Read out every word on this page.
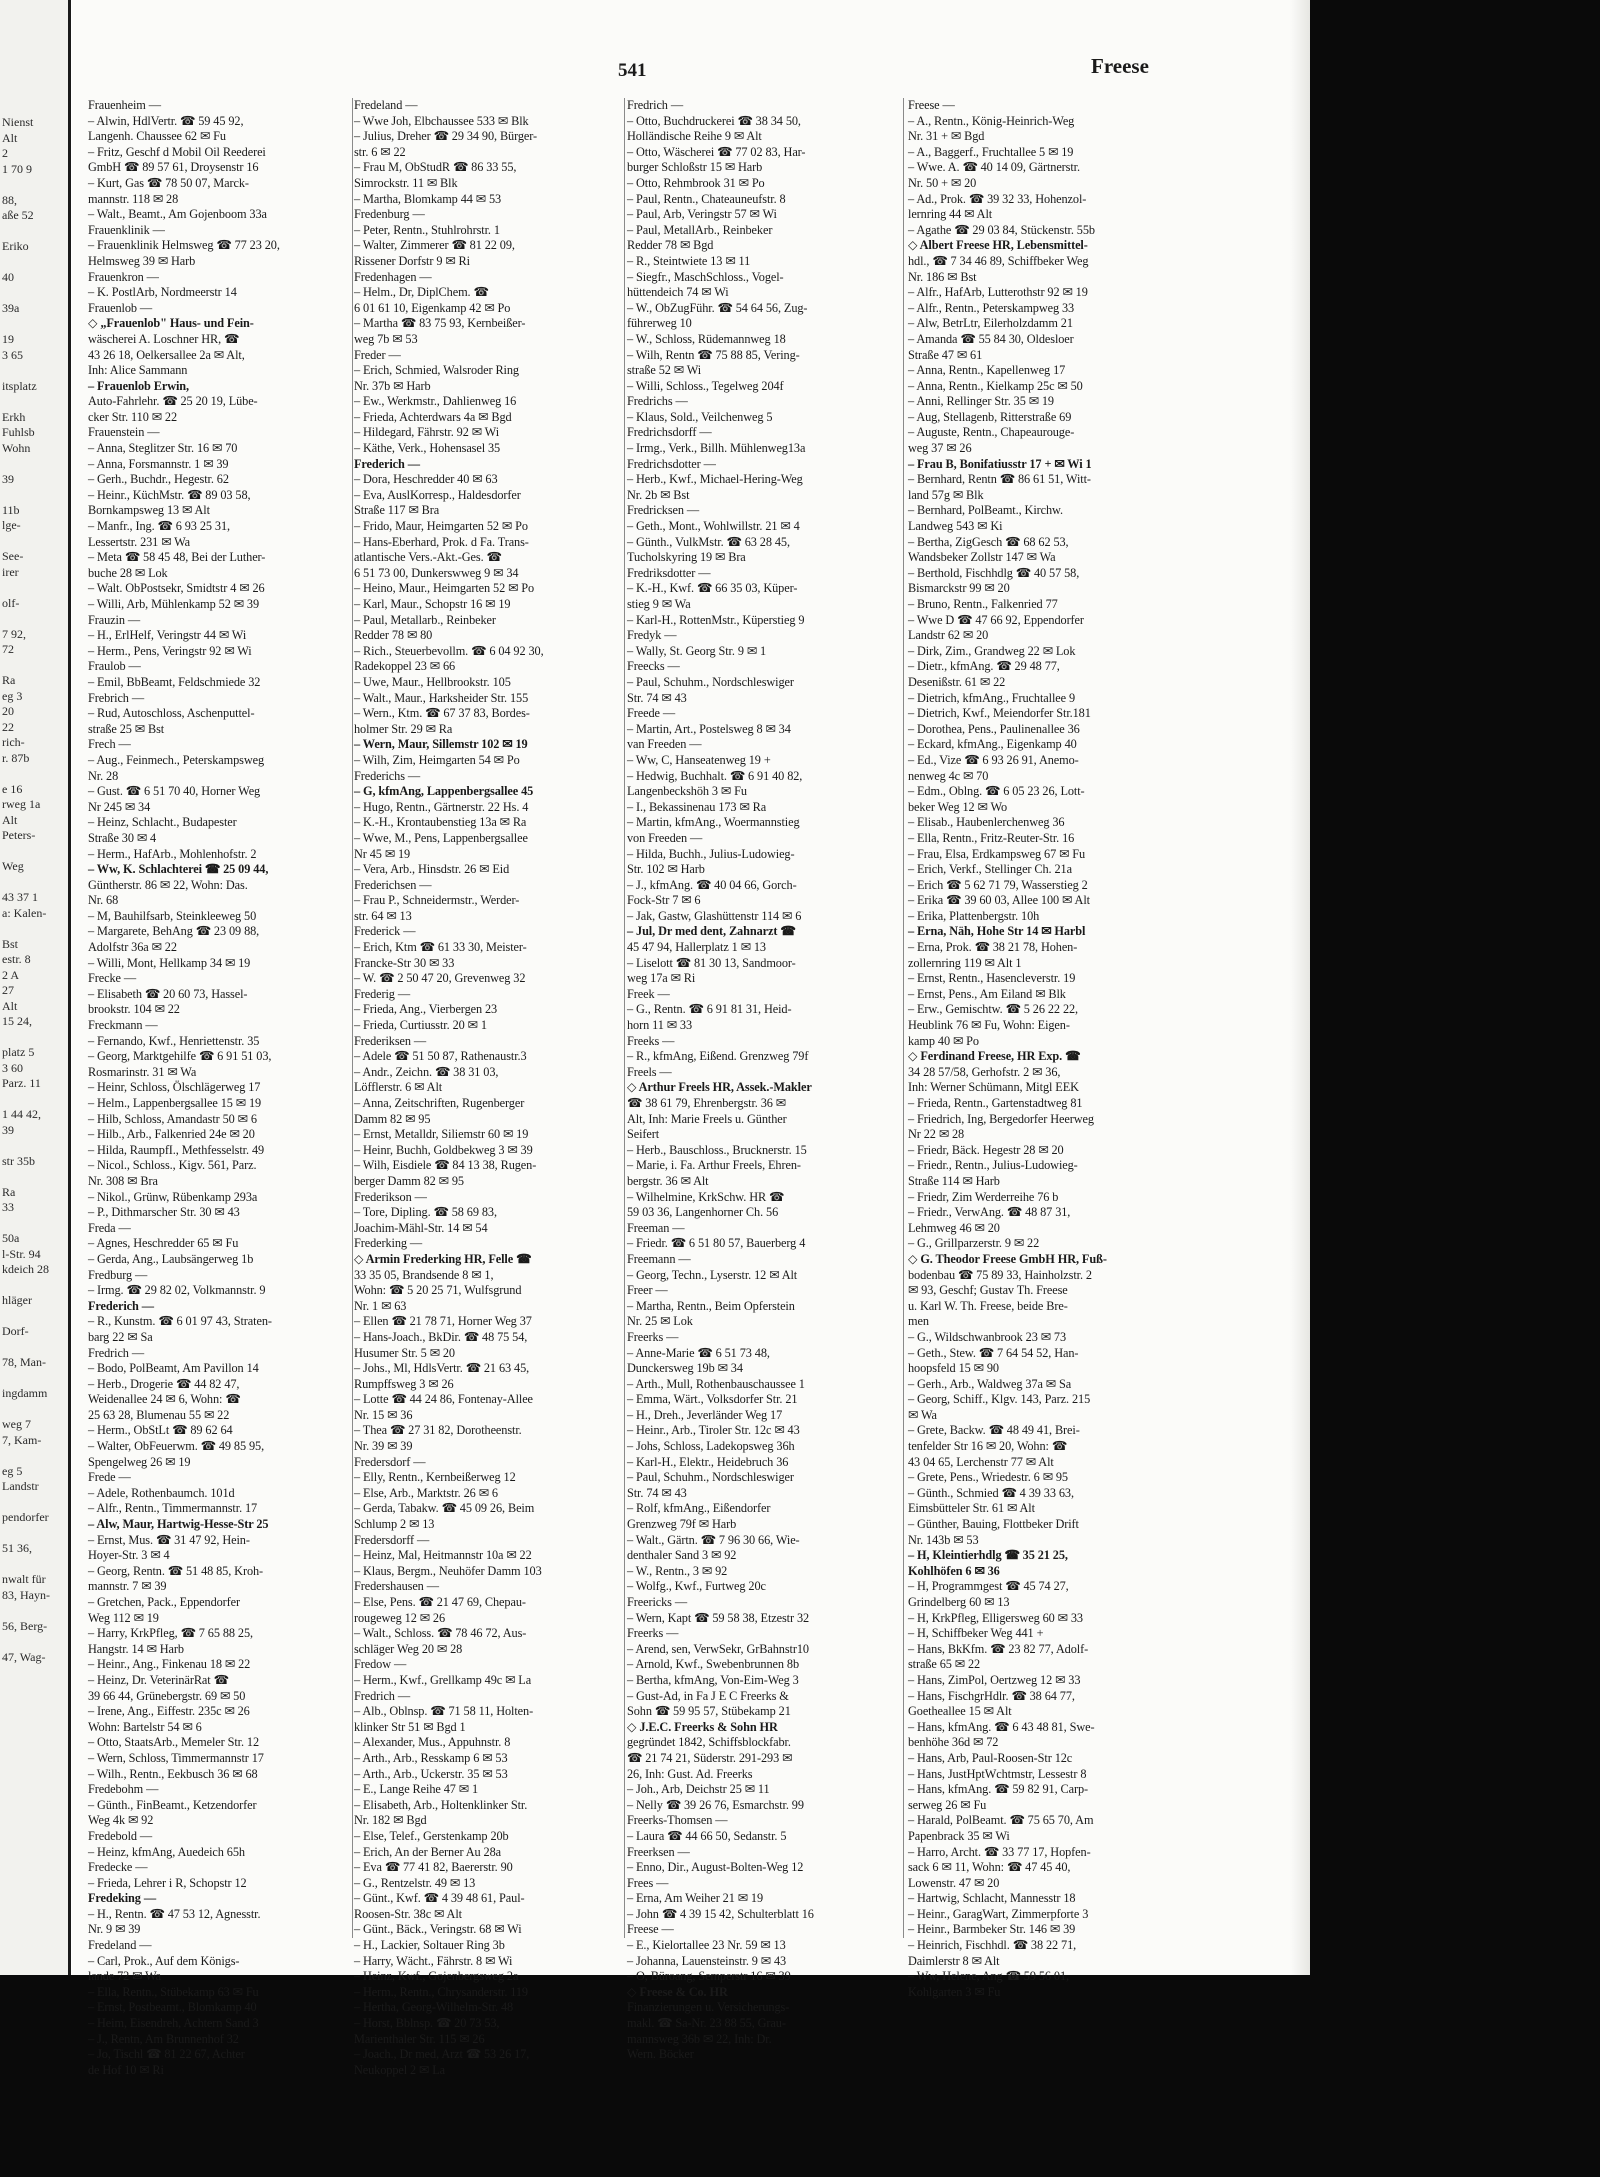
Nienst
Alt
2
1 70 9

88,
aße 52

Eriko

40

39a

19
3 65

itsplatz

Erkh
Fuhlsb
Wohn

39

11b
lge-

See-
irer

olf-

7 92,
72

Ra
eg 3
20
22
rich-
r. 87b

e 16
rweg 1a
Alt
Peters-

Weg

43 37 1
a: Kalen-

Bst
estr. 8
2 A
27
Alt
15 24,

platz 5
3 60
Parz. 11

1 44 42,
39

str 35b

Ra
33

50a
l-Str. 94
kdeich 28

hläger

Dorf-

78, Man-

ingdamm

weg 7
7, Kam-

eg 5
Landstr

pendorfer

51 36,

nwalt für
83, Hayn-

56, Berg-

47, Wag-
541	Freese
Frauenheim —
– Alwin, HdlVertr. ☎ 59 45 92,
Langenh. Chaussee 62 ✉ Fu
– Fritz, Geschf d Mobil Oil Reederei
GmbH ☎ 89 57 61, Droysenstr 16
– Kurt, Gas ☎ 78 50 07, Marck-
mannstr. 118 ✉ 28
– Walt., Beamt., Am Gojenboom 33a
Frauenklinik —
– Frauenklinik Helmsweg ☎ 77 23 20,
Helmsweg 39 ✉ Harb
Frauenkron —
– K. PostlArb, Nordmeerstr 14
Frauenlob —
◇ „Frauenlob" Haus- und Fein-
wäscherei A. Loschner HR, ☎
43 26 18, Oelkersallee 2a ✉ Alt,
Inh: Alice Sammann
– Frauenlob Erwin,
Auto-Fahrlehr. ☎ 25 20 19, Lübe-
cker Str. 110 ✉ 22
Frauenstein —
– Anna, Steglitzer Str. 16 ✉ 70
– Anna, Forsmannstr. 1 ✉ 39
– Gerh., Buchdr., Hegestr. 62
– Heinr., KüchMstr. ☎ 89 03 58,
Bornkampsweg 13 ✉ Alt
– Manfr., Ing. ☎ 6 93 25 31,
Lessertstr. 231 ✉ Wa
– Meta ☎ 58 45 48, Bei der Luther-
buche 28 ✉ Lok
– Walt. ObPostsekr, Smidtstr 4 ✉ 26
– Willi, Arb, Mühlenkamp 52 ✉ 39
Frauzin —
– H., ErlHelf, Veringstr 44 ✉ Wi
– Herm., Pens, Veringstr 92 ✉ Wi
Fraulob —
– Emil, BbBeamt, Feldschmiede 32
Frebrich —
– Rud, Autoschloss, Aschenputtel-
straße 25 ✉ Bst
Frech —
– Aug., Feinmech., Peterskampsweg
Nr. 28
– Gust. ☎ 6 51 70 40, Horner Weg
Nr 245 ✉ 34
– Heinz, Schlacht., Budapester
Straße 30 ✉ 4
– Herm., HafArb., Mohlenhofstr. 2
– Ww, K. Schlachterei ☎ 25 09 44,
Güntherstr. 86 ✉ 22, Wohn: Das.
Nr. 68
– M, Bauhilfsarb, Steinkleeweg 50
– Margarete, BehAng ☎ 23 09 88,
Adolfstr 36a ✉ 22
– Willi, Mont, Hellkamp 34 ✉ 19
Frecke —
– Elisabeth ☎ 20 60 73, Hassel-
brookstr. 104 ✉ 22
Freckmann —
– Fernando, Kwf., Henriettenstr. 35
– Georg, Marktgehilfe ☎ 6 91 51 03,
Rosmarinstr. 31 ✉ Wa
– Heinr, Schloss, Ölschlägerweg 17
– Helm., Lappenbergsallee 15 ✉ 19
– Hilb, Schloss, Amandastr 50 ✉ 6
– Hilb., Arb., Falkenried 24e ✉ 20
– Hilda, RaumpfI., Methfesselstr. 49
– Nicol., Schloss., Kigv. 561, Parz.
Nr. 308 ✉ Bra
– Nikol., Grünw, Rübenkamp 293a
– P., Dithmarscher Str. 30 ✉ 43
Freda —
– Agnes, Heschredder 65 ✉ Fu
– Gerda, Ang., Laubsängerweg 1b
Fredburg —
– Irmg. ☎ 29 82 02, Volkmannstr. 9
Frederich —
– R., Kunstm. ☎ 6 01 97 43, Straten-
barg 22 ✉ Sa
Fredrich —
– Bodo, PolBeamt, Am Pavillon 14
– Herb., Drogerie ☎ 44 82 47,
Weidenallee 24 ✉ 6, Wohn: ☎
25 63 28, Blumenau 55 ✉ 22
– Herm., ObStLt ☎ 89 62 64
– Walter, ObFeuerwm. ☎ 49 85 95,
Spengelweg 26 ✉ 19
Frede —
– Adele, Rothenbaumch. 101d
– Alfr., Rentn., Timmermannstr. 17
– Alw, Maur, Hartwig-Hesse-Str 25
– Ernst, Mus. ☎ 31 47 92, Hein-
Hoyer-Str. 3 ✉ 4
– Georg, Rentn. ☎ 51 48 85, Kroh-
mannstr. 7 ✉ 39
– Gretchen, Pack., Eppendorfer
Weg 112 ✉ 19
– Harry, KrkPfleg, ☎ 7 65 88 25,
Hangstr. 14 ✉ Harb
– Heinr., Ang., Finkenau 18 ✉ 22
– Heinz, Dr. VeterinärRat ☎
39 66 44, Grünebergstr. 69 ✉ 50
– Irene, Ang., Eiffestr. 235c ✉ 26
Wohn: Bartelstr 54 ✉ 6
– Otto, StaatsArb., Memeler Str. 12
– Wern, Schloss, Timmermannstr 17
– Wilh., Rentn., Eekbusch 36 ✉ 68
Fredebohm —
– Günth., FinBeamt., Ketzendorfer
Weg 4k ✉ 92
Fredebold —
– Heinz, kfmAng, Auedeich 65h
Fredecke —
– Frieda, Lehrer i R, Schopstr 12
Fredeking —
– H., Rentn. ☎ 47 53 12, Agnesstr.
Nr. 9 ✉ 39
Fredeland —
– Carl, Prok., Auf dem Königs-
lande 72 ✉ Wa
– Ella, Rentn., Stübekamp 63 ✉ Fu
– Ernst, Postbeamt., Blomkamp 40
– Heim, Eisendreh, Achtern Sand 3
– J., Rentn, Am Brunnenhof 32
– Jo, Tischl ☎ 81 22 67, Achter
de Hof 10 ✉ Ri
Fredeland —
– Wwe Joh, Elbchaussee 533 ✉ Blk
– Julius, Dreher ☎ 29 34 90, Bürger-
str. 6 ✉ 22
– Frau M, ObStudR ☎ 86 33 55,
Simrockstr. 11 ✉ Blk
– Martha, Blomkamp 44 ✉ 53
Fredenburg —
– Peter, Rentn., Stuhlrohrstr. 1
– Walter, Zimmerer ☎ 81 22 09,
Rissener Dorfstr 9 ✉ Ri
Fredenhagen —
– Helm., Dr, DiplChem. ☎
6 01 61 10, Eigenkamp 42 ✉ Po
– Martha ☎ 83 75 93, Kernbeißer-
weg 7b ✉ 53
Freder —
– Erich, Schmied, Walsroder Ring
Nr. 37b ✉ Harb
– Ew., Werkmstr., Dahlienweg 16
– Frieda, Achterdwars 4a ✉ Bgd
– Hildegard, Fährstr. 92 ✉ Wi
– Käthe, Verk., Hohensasel 35
Frederich —
– Dora, Heschredder 40 ✉ 63
– Eva, AuslKorresp., Haldesdorfer
Straße 117 ✉ Bra
– Frido, Maur, Heimgarten 52 ✉ Po
– Hans-Eberhard, Prok. d Fa. Trans-
atlantische Vers.-Akt.-Ges. ☎
6 51 73 00, Dunkerswweg 9 ✉ 34
– Heino, Maur., Heimgarten 52 ✉ Po
– Karl, Maur., Schopstr 16 ✉ 19
– Paul, Metallarb., Reinbeker
Redder 78 ✉ 80
– Rich., Steuerbevollm. ☎ 6 04 92 30,
Radekoppel 23 ✉ 66
– Uwe, Maur., Hellbrookstr. 105
– Walt., Maur., Harksheider Str. 155
– Wern., Ktm. ☎ 67 37 83, Bordes-
holmer Str. 29 ✉ Ra
– Wern, Maur, Sillemstr 102 ✉ 19
– Wilh, Zim, Heimgarten 54 ✉ Po
Frederichs —
– G, kfmAng, Lappenbergsallee 45
– Hugo, Rentn., Gärtnerstr. 22 Hs. 4
– K.-H., Krontaubenstieg 13a ✉ Ra
– Wwe, M., Pens, Lappenbergsallee
Nr 45 ✉ 19
– Vera, Arb., Hinsdstr. 26 ✉ Eid
Frederichsen —
– Frau P., Schneidermstr., Werder-
str. 64 ✉ 13
Frederick —
– Erich, Ktm ☎ 61 33 30, Meister-
Francke-Str 30 ✉ 33
– W. ☎ 2 50 47 20, Grevenweg 32
Frederig —
– Frieda, Ang., Vierbergen 23
– Frieda, Curtiusstr. 20 ✉ 1
Frederiksen —
– Adele ☎ 51 50 87, Rathenaustr.3
– Andr., Zeichn. ☎ 38 31 03,
Löfflerstr. 6 ✉ Alt
– Anna, Zeitschriften, Rugenberger
Damm 82 ✉ 95
– Ernst, Metalldr, Siliemstr 60 ✉ 19
– Heinr, Buchh, Goldbekweg 3 ✉ 39
– Wilh, Eisdiele ☎ 84 13 38, Rugen-
berger Damm 82 ✉ 95
Frederikson —
– Tore, Dipling. ☎ 58 69 83,
Joachim-Mähl-Str. 14 ✉ 54
Frederking —
◇ Armin Frederking HR, Felle ☎
33 35 05, Brandsende 8 ✉ 1,
Wohn: ☎ 5 20 25 71, Wulfsgrund
Nr. 1 ✉ 63
– Ellen ☎ 21 78 71, Horner Weg 37
– Hans-Joach., BkDir. ☎ 48 75 54,
Husumer Str. 5 ✉ 20
– Johs., Ml, HdlsVertr. ☎ 21 63 45,
Rumpffsweg 3 ✉ 26
– Lotte ☎ 44 24 86, Fontenay-Allee
Nr. 15 ✉ 36
– Thea ☎ 27 31 82, Dorotheenstr.
Nr. 39 ✉ 39
Fredersdorf —
– Elly, Rentn., Kernbeißerweg 12
– Else, Arb., Marktstr. 26 ✉ 6
– Gerda, Tabakw. ☎ 45 09 26, Beim
Schlump 2 ✉ 13
Fredersdorff —
– Heinz, Mal, Heitmannstr 10a ✉ 22
– Klaus, Bergm., Neuhöfer Damm 103
Fredershausen —
– Else, Pens. ☎ 21 47 69, Chepau-
rougeweg 12 ✉ 26
– Walt., Schloss. ☎ 78 46 72, Aus-
schläger Weg 20 ✉ 28
Fredow —
– Herm., Kwf., Grellkamp 49c ✉ La
Fredrich —
– Alb., Oblnsp. ☎ 71 58 11, Holten-
klinker Str 51 ✉ Bgd 1
– Alexander, Mus., Appuhnstr. 8
– Arth., Arb., Resskamp 6 ✉ 53
– Arth., Arb., Uckerstr. 35 ✉ 53
– E., Lange Reihe 47 ✉ 1
– Elisabeth, Arb., Holtenklinker Str.
Nr. 182 ✉ Bgd
– Else, Telef., Gerstenkamp 20b
– Erich, An der Berner Au 28a
– Eva ☎ 77 41 82, Baererstr. 90
– G., Rentzelstr. 49 ✉ 13
– Günt., Kwf. ☎ 4 39 48 61, Paul-
Roosen-Str. 38c ✉ Alt
– Günt., Bäck., Veringstr. 68 ✉ Wi
– H., Lackier, Soltauer Ring 3b
– Harry, Wächt., Fährstr. 8 ✉ Wi
– Heinz, Kwf., Gojenbergsweg 2a
– Herm., Rentn., Chrysanderstr. 119
– Hertha, Georg-Wilhelm-Str. 48
– Horst, Bblnsp. ☎ 20 73 53,
Marienthaler Str. 115 ✉ 26
– Joach., Dr med, Arzt ☎ 53 26 17,
Neukoppel 2 ✉ La
Fredrich —
– Otto, Buchdruckerei ☎ 38 34 50,
Holländische Reihe 9 ✉ Alt
– Otto, Wäscherei ☎ 77 02 83, Har-
burger Schloßstr 15 ✉ Harb
– Otto, Rehmbrook 31 ✉ Po
– Paul, Rentn., Chateaunеufstr. 8
– Paul, Arb, Veringstr 57 ✉ Wi
– Paul, MetallArb., Reinbeker
Redder 78 ✉ Bgd
– R., Steintwiete 13 ✉ 11
– Siegfr., MaschSchloss., Vogel-
hüttendeich 74 ✉ Wi
– W., ObZugFühr. ☎ 54 64 56, Zug-
führerweg 10
– W., Schloss, Rüdemannweg 18
– Wilh, Rentn ☎ 75 88 85, Vering-
straße 52 ✉ Wi
– Willi, Schloss., Tegelweg 204f
Fredrichs —
– Klaus, Sold., Veilchenweg 5
Fredrichsdorff —
– Irmg., Verk., Billh. Mühlenweg13a
Fredrichsdotter —
– Herb., Kwf., Michael-Hering-Weg
Nr. 2b ✉ Bst
Fredricksen —
– Geth., Mont., Wohlwillstr. 21 ✉ 4
– Günth., VulkMstr. ☎ 63 28 45,
Tucholskyring 19 ✉ Bra
Fredriksdotter —
– K.-H., Kwf. ☎ 66 35 03, Küper-
stieg 9 ✉ Wa
– Karl-H., RottenMstr., Küperstieg 9
Fredyk —
– Wally, St. Georg Str. 9 ✉ 1
Freecks —
– Paul, Schuhm., Nordschleswiger
Str. 74 ✉ 43
Freede —
– Martin, Art., Postelsweg 8 ✉ 34
van Freeden —
– Ww, C, Hanseatenweg 19 +
– Hedwig, Buchhalt. ☎ 6 91 40 82,
Langenbeckshöh 3 ✉ Fu
– I., Bekassinenau 173 ✉ Ra
– Martin, kfmAng., Woermannstieg
von Freeden —
– Hilda, Buchh., Julius-Ludowieg-
Str. 102 ✉ Harb
– J., kfmAng. ☎ 40 04 66, Gorch-
Fock-Str 7 ✉ 6
– Jak, Gastw, Glashüttenstr 114 ✉ 6
– Jul, Dr med dent, Zahnarzt ☎
45 47 94, Hallerplatz 1 ✉ 13
– Liselott ☎ 81 30 13, Sandmoor-
weg 17a ✉ Ri
Freek —
– G., Rentn. ☎ 6 91 81 31, Heid-
horn 11 ✉ 33
Freeks —
– R., kfmAng, Eißend. Grenzweg 79f
Freels —
◇ Arthur Freels HR, Assek.-Makler
☎ 38 61 79, Ehrenbergstr. 36 ✉
Alt, Inh: Marie Freels u. Günther
Seifert
– Herb., Bauschloss., Brucknerstr. 15
– Marie, i. Fa. Arthur Freels, Ehren-
bergstr. 36 ✉ Alt
– Wilhelmine, KrkSchw. HR ☎
59 03 36, Langenhorner Ch. 56
Freeman —
– Friedr. ☎ 6 51 80 57, Bauerberg 4
Freemann —
– Georg, Techn., Lyserstr. 12 ✉ Alt
Freer —
– Martha, Rentn., Beim Opferstein
Nr. 25 ✉ Lok
Freerks —
– Anne-Marie ☎ 6 51 73 48,
Dunckersweg 19b ✉ 34
– Arth., Mull, Rothenbauschaussee 1
– Emma, Wärt., Volksdorfer Str. 21
– H., Dreh., Jeverländer Weg 17
– Heinr., Arb., Tiroler Str. 12c ✉ 43
– Johs, Schloss, Ladekopsweg 36h
– Karl-H., Elektr., Heidebruch 36
– Paul, Schuhm., Nordschleswiger
Str. 74 ✉ 43
– Rolf, kfmAng., Eißendorfer
Grenzweg 79f ✉ Harb
– Walt., Gärtn. ☎ 7 96 30 66, Wie-
denthaler Sand 3 ✉ 92
– W., Rentn., 3 ✉ 92
– Wolfg., Kwf., Furtweg 20c
Freericks —
– Wern, Kapt ☎ 59 58 38, Etzestr 32
Freerks —
– Arend, sen, VerwSekr, GrBahnstr10
– Arnold, Kwf., Swebenbrunnen 8b
– Bertha, kfmAng, Von-Eim-Weg 3
– Gust-Ad, in Fa J E C Freerks &
Sohn ☎ 59 95 57, Stübekamp 21
◇ J.E.C. Freerks & Sohn HR
gegründet 1842, Schiffsblockfabr.
☎ 21 74 21, Süderstr. 291-293 ✉
26, Inh: Gust. Ad. Freerks
– Joh., Arb, Deichstr 25 ✉ 11
– Nelly ☎ 39 26 76, Esmarchstr. 99
Freerks-Thomsen —
– Laura ☎ 44 66 50, Sedanstr. 5
Freerksen —
– Enno, Dir., August-Bolten-Weg 12
Frees —
– Erna, Am Weiher 21 ✉ 19
– John ☎ 4 39 15 42, Schulterblatt 16
Freese —
– E., Kielortallee 23 Nr. 59 ✉ 13
– Johanna, Lauensteinstr. 9 ✉ 43
– O, Büroang, Semperstr 16 ✉ 39
◇ Freese & Co. HR
Finanzierungen u. Versicherungs-
makl. ☎ Sa-Nr. 23 88 55, Grau-
mannsweg 36b ✉ 22, Inh: Dr.
Wern. Böcker
Freese —
– A., Rentn., König-Heinrich-Weg
Nr. 31 + ✉ Bgd
– A., Baggerf., Fruchtallee 5 ✉ 19
– Wwe. A. ☎ 40 14 09, Gärtnerstr.
Nr. 50 + ✉ 20
– Ad., Prok. ☎ 39 32 33, Hohenzol-
lernring 44 ✉ Alt
– Agathe ☎ 29 03 84, Stückenstr. 55b
◇ Albert Freese HR, Lebensmittel-
hdl., ☎ 7 34 46 89, Schiffbeker Weg
Nr. 186 ✉ Bst
– Alfr., HafArb, Lutterothstr 92 ✉ 19
– Alfr., Rentn., Peterskampweg 33
– Alw, BetrLtr, Eilerholzdamm 21
– Amanda ☎ 55 84 30, Oldesloer
Straße 47 ✉ 61
– Anna, Rentn., Kapellenweg 17
– Anna, Rentn., Kielkamp 25c ✉ 50
– Anni, Rellinger Str. 35 ✉ 19
– Aug, Stellagenb, Ritterstraße 69
– Auguste, Rentn., Chapeaurouge-
weg 37 ✉ 26
– Frau B, Bonifatiusstr 17 + ✉ Wi 1
– Bernhard, Rentn ☎ 86 61 51, Witt-
land 57g ✉ Blk
– Bernhard, PolBeamt., Kirchw.
Landweg 543 ✉ Ki
– Bertha, ZigGesch ☎ 68 62 53,
Wandsbeker Zollstr 147 ✉ Wa
– Berthold, Fischhdlg ☎ 40 57 58,
Bismarckstr 99 ✉ 20
– Bruno, Rentn., Falkenried 77
– Wwe D ☎ 47 66 92, Eppendorfer
Landstr 62 ✉ 20
– Dirk, Zim., Grandweg 22 ✉ Lok
– Dietr., kfmAng. ☎ 29 48 77,
Desenißstr. 61 ✉ 22
– Dietrich, kfmAng., Fruchtallee 9
– Dietrich, Kwf., Meiendorfer Str.181
– Dorothea, Pens., Paulinenallee 36
– Eckard, kfmAng., Eigenkamp 40
– Ed., Vize ☎ 6 93 26 91, Anemo-
nenweg 4c ✉ 70
– Edm., Oblng. ☎ 6 05 23 26, Lott-
beker Weg 12 ✉ Wo
– Elisab., Haubenlerchenweg 36
– Ella, Rentn., Fritz-Reuter-Str. 16
– Frau, Elsa, Erdkampsweg 67 ✉ Fu
– Erich, Verkf., Stellinger Ch. 21a
– Erich ☎ 5 62 71 79, Wasserstieg 2
– Erika ☎ 39 60 03, Allee 100 ✉ Alt
– Erika, Plattenbergstr. 10h
– Erna, Näh, Hohe Str 14 ✉ Harbl
– Erna, Prok. ☎ 38 21 78, Hohen-
zollernring 119 ✉ Alt 1
– Ernst, Rentn., Hasencleverstr. 19
– Ernst, Pens., Am Eiland ✉ Blk
– Erw., Gemischtw. ☎ 5 26 22 22,
Heublink 76 ✉ Fu, Wohn: Eigen-
kamp 40 ✉ Po
◇ Ferdinand Freese, HR Exp. ☎
34 28 57/58, Gerhofstr. 2 ✉ 36,
Inh: Werner Schümann, Mitgl EEK
– Frieda, Rentn., Gartenstadtweg 81
– Friedrich, Ing, Bergedorfer Heerweg
Nr 22 ✉ 28
– Friedr, Bäck. Hegestr 28 ✉ 20
– Friedr., Rentn., Julius-Ludowieg-
Straße 114 ✉ Harb
– Friedr, Zim Werderreihe 76 b
– Friedr., VerwAng. ☎ 48 87 31,
Lehmweg 46 ✉ 20
– G., Grillparzerstr. 9 ✉ 22
◇ G. Theodor Freese GmbH HR, Fuß-
bodenbau ☎ 75 89 33, Hainholzstr. 2
✉ 93, Geschf; Gustav Th. Freese
u. Karl W. Th. Freese, beide Bre-
men
– G., Wildschwanbrook 23 ✉ 73
– Geth., Stew. ☎ 7 64 54 52, Han-
hoopsfeld 15 ✉ 90
– Gerh., Arb., Waldweg 37a ✉ Sa
– Georg, Schiff., Klgv. 143, Parz. 215
✉ Wa
– Grete, Backw. ☎ 48 49 41, Brei-
tenfelder Str 16 ✉ 20, Wohn: ☎
43 04 65, Lerchenstr 77 ✉ Alt
– Grete, Pens., Wriedestr. 6 ✉ 95
– Günth., Schmied ☎ 4 39 33 63,
Eimsbütteler Str. 61 ✉ Alt
– Günther, Bauing, Flottbeker Drift
Nr. 143b ✉ 53
– H, Kleintierhdlg ☎ 35 21 25,
Kohlhöfen 6 ✉ 36
– H, Programmgest ☎ 45 74 27,
Grindelberg 60 ✉ 13
– H, KrkPfleg, Elligersweg 60 ✉ 33
– H, Schiffbeker Weg 441 +
– Hans, BkKfm. ☎ 23 82 77, Adolf-
straße 65 ✉ 22
– Hans, ZimPol, Oertzweg 12 ✉ 33
– Hans, FischgrHdlr. ☎ 38 64 77,
Goetheallee 15 ✉ Alt
– Hans, kfmAng. ☎ 6 43 48 81, Swe-
benhöhe 36d ✉ 72
– Hans, Arb, Paul-Roosen-Str 12c
– Hans, JustHptWchtmstr, Lessestr 8
– Hans, kfmAng. ☎ 59 82 91, Carp-
serweg 26 ✉ Fu
– Harald, PolBeamt. ☎ 75 65 70, Am
Papenbrack 35 ✉ Wi
– Harro, Archt. ☎ 33 77 17, Hopfen-
sack 6 ✉ 11, Wohn: ☎ 47 45 40,
Lowenstr. 47 ✉ 20
– Hartwig, Schlacht, Mannesstr 18
– Heinr., GaragWart, Zimmerpforte 3
– Heinr., Barmbeker Str. 146 ✉ 39
– Heinrich, Fischhdl. ☎ 38 22 71,
Daimlerstr 8 ✉ Alt
– Ww, Helene, Ang ☎ 59 56 01,
Kohlgarten 3 ✉ Fu
